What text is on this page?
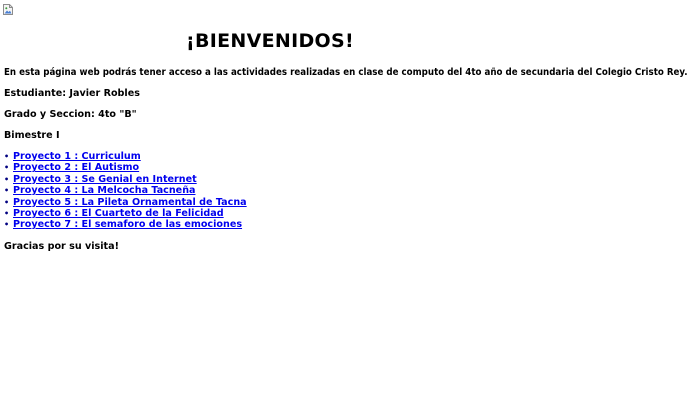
¡BIENVENIDOS!

En esta página web podrás tener acceso a las actividades realizadas en clase de computo del 4to año de secundaria del Colegio Cristo Rey.

Estudiante: Javier Robles

Grado y Seccion: 4to "B"

Bimestre I

• Proyecto 1 : Curriculum
• Proyecto 2 : El Autismo
• Proyecto 3 : Se Genial en Internet
• Proyecto 4 : La Melcocha Tacneña
• Proyecto 5 : La Pileta Ornamental de Tacna
• Proyecto 6 : El Cuarteto de la Felicidad
• Proyecto 7 : El semaforo de las emociones

Gracias por su visita!
